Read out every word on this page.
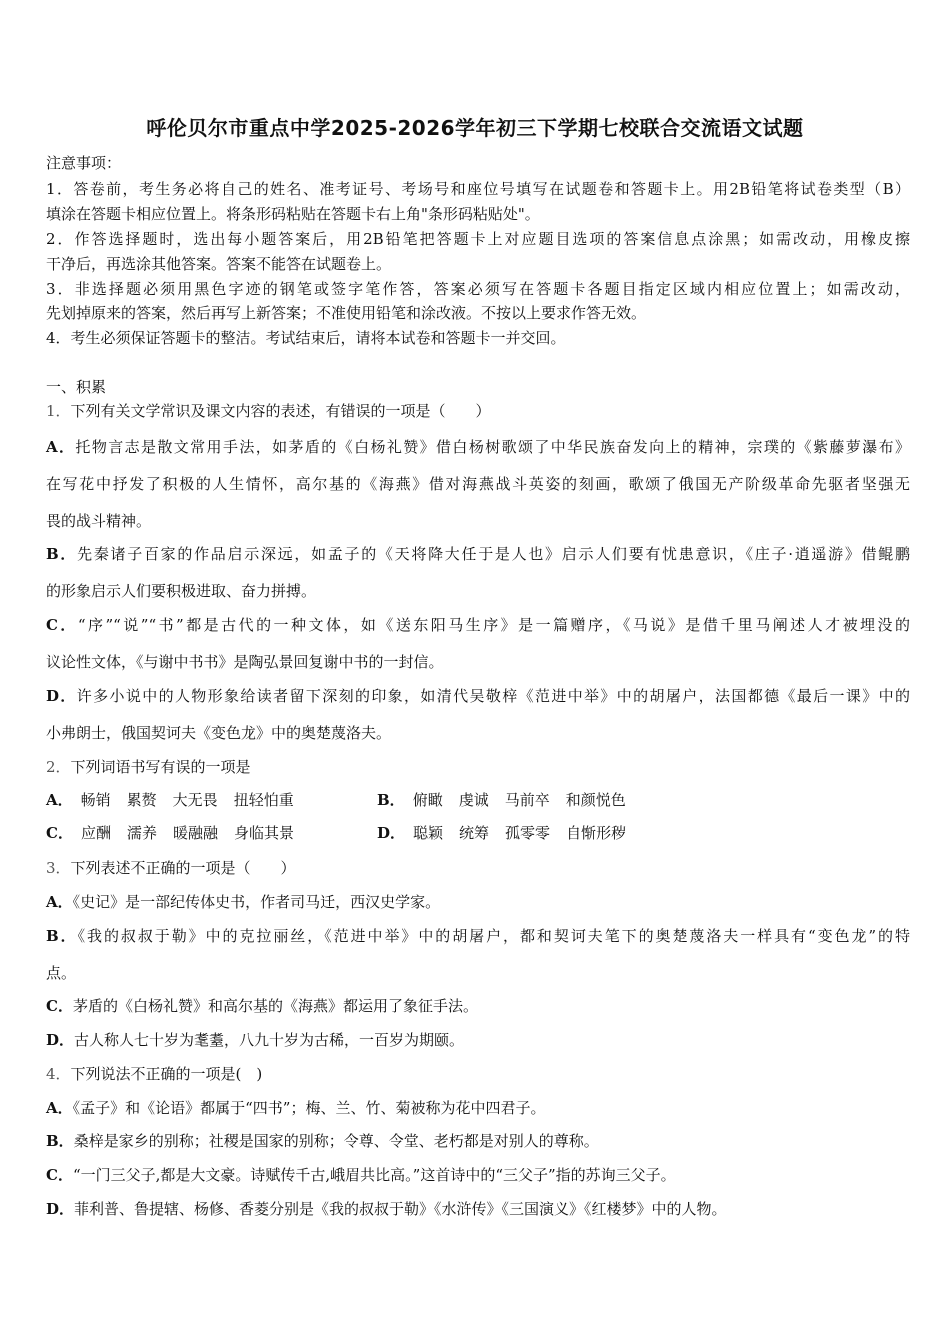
呼伦贝尔市重点中学2025-2026学年初三下学期七校联合交流语文试题
注意事项：
1．答卷前，考生务必将自己的姓名、准考证号、考场号和座位号填写在试题卷和答题卡上。用2B铅笔将试卷类型（B）
填涂在答题卡相应位置上。将条形码粘贴在答题卡右上角"条形码粘贴处"。
2．作答选择题时，选出每小题答案后，用2B铅笔把答题卡上对应题目选项的答案信息点涂黑；如需改动，用橡皮擦
干净后，再选涂其他答案。答案不能答在试题卷上。
3．非选择题必须用黑色字迹的钢笔或签字笔作答，答案必须写在答题卡各题目指定区域内相应位置上；如需改动，
先划掉原来的答案，然后再写上新答案；不准使用铅笔和涂改液。不按以上要求作答无效。
4．考生必须保证答题卡的整洁。考试结束后，请将本试卷和答题卡一并交回。
一、积累
1．下列有关文学常识及课文内容的表述，有错误的一项是（　　）
A．托物言志是散文常用手法，如茅盾的《白杨礼赞》借白杨树歌颂了中华民族奋发向上的精神，宗璞的《紫藤萝瀑布》
在写花中抒发了积极的人生情怀，高尔基的《海燕》借对海燕战斗英姿的刻画，歌颂了俄国无产阶级革命先驱者坚强无
畏的战斗精神。
B．先秦诸子百家的作品启示深远，如孟子的《天将降大任于是人也》启示人们要有忧患意识，《庄子·逍遥游》借鲲鹏
的形象启示人们要积极进取、奋力拼搏。
C．“序”“说”“书”都是古代的一种文体，如《送东阳马生序》是一篇赠序，《马说》是借千里马阐述人才被埋没的
议论性文体，《与谢中书书》是陶弘景回复谢中书的一封信。
D．许多小说中的人物形象给读者留下深刻的印象，如清代吴敬梓《范进中举》中的胡屠户，法国都德《最后一课》中的
小弗朗士，俄国契诃夫《变色龙》中的奥楚蔑洛夫。
2．下列词语书写有误的一项是
A． 畅销 累赘 大无畏 扭轻怕重	B． 俯瞰 虔诚 马前卒 和颜悦色
C． 应酬 濡养 暖融融 身临其景	D． 聪颖 统筹 孤零零 自惭形秽
3．下列表述不正确的一项是（　　）
A．《史记》是一部纪传体史书，作者司马迁，西汉史学家。
B．《我的叔叔于勒》中的克拉丽丝，《范进中举》中的胡屠户，都和契诃夫笔下的奥楚蔑洛夫一样具有“变色龙”的特
点。
C．茅盾的《白杨礼赞》和高尔基的《海燕》都运用了象征手法。
D．古人称人七十岁为耄耋，八九十岁为古稀，一百岁为期颐。
4．下列说法不正确的一项是(　)
A．《孟子》和《论语》都属于“四书”；梅、兰、竹、菊被称为花中四君子。
B．桑梓是家乡的别称；社稷是国家的别称；令尊、令堂、老朽都是对别人的尊称。
C．“一门三父子,都是大文豪。诗赋传千古,峨眉共比高。”这首诗中的“三父子”指的苏询三父子。
D．菲利普、鲁提辖、杨修、香菱分别是《我的叔叔于勒》《水浒传》《三国演义》《红楼梦》中的人物。
